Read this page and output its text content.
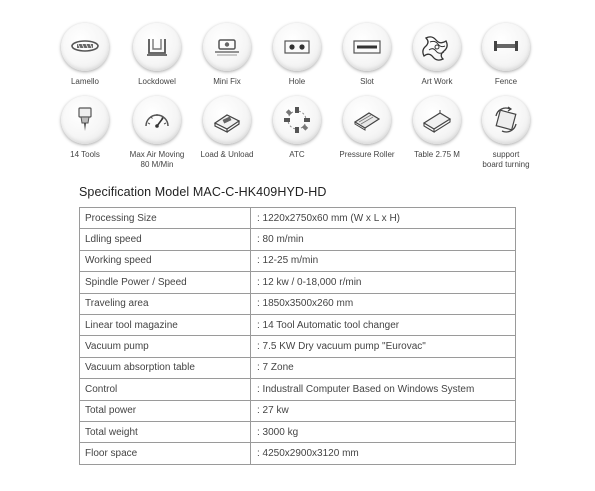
Lamello	Lockdowel	Mini Fix	Hole	Slot	Art Work	Fence
14 Tools	Max Air Moving
80 M/Min
Load & Unload	ATC	Pressure Roller	Table 2.75 M	support
board turning
Specification Model MAC-C-HK409HYD-HD
Processing Size	: 1220x2750x60 mm (W x L x H)
Ldling speed	: 80 m/min
Working speed	: 12-25 m/min
Spindle Power / Speed	: 12 kw / 0-18,000 r/min
Traveling area	: 1850x3500x260 mm
Linear tool magazine	: 14 Tool Automatic tool changer
Vacuum pump	: 7.5 KW Dry vacuum pump "Eurovac"
Vacuum absorption table	: 7 Zone
Control	: Industrall Computer Based on Windows System
Total power	: 27 kw
Total weight	: 3000 kg
Floor space	: 4250x2900x3120 mm
